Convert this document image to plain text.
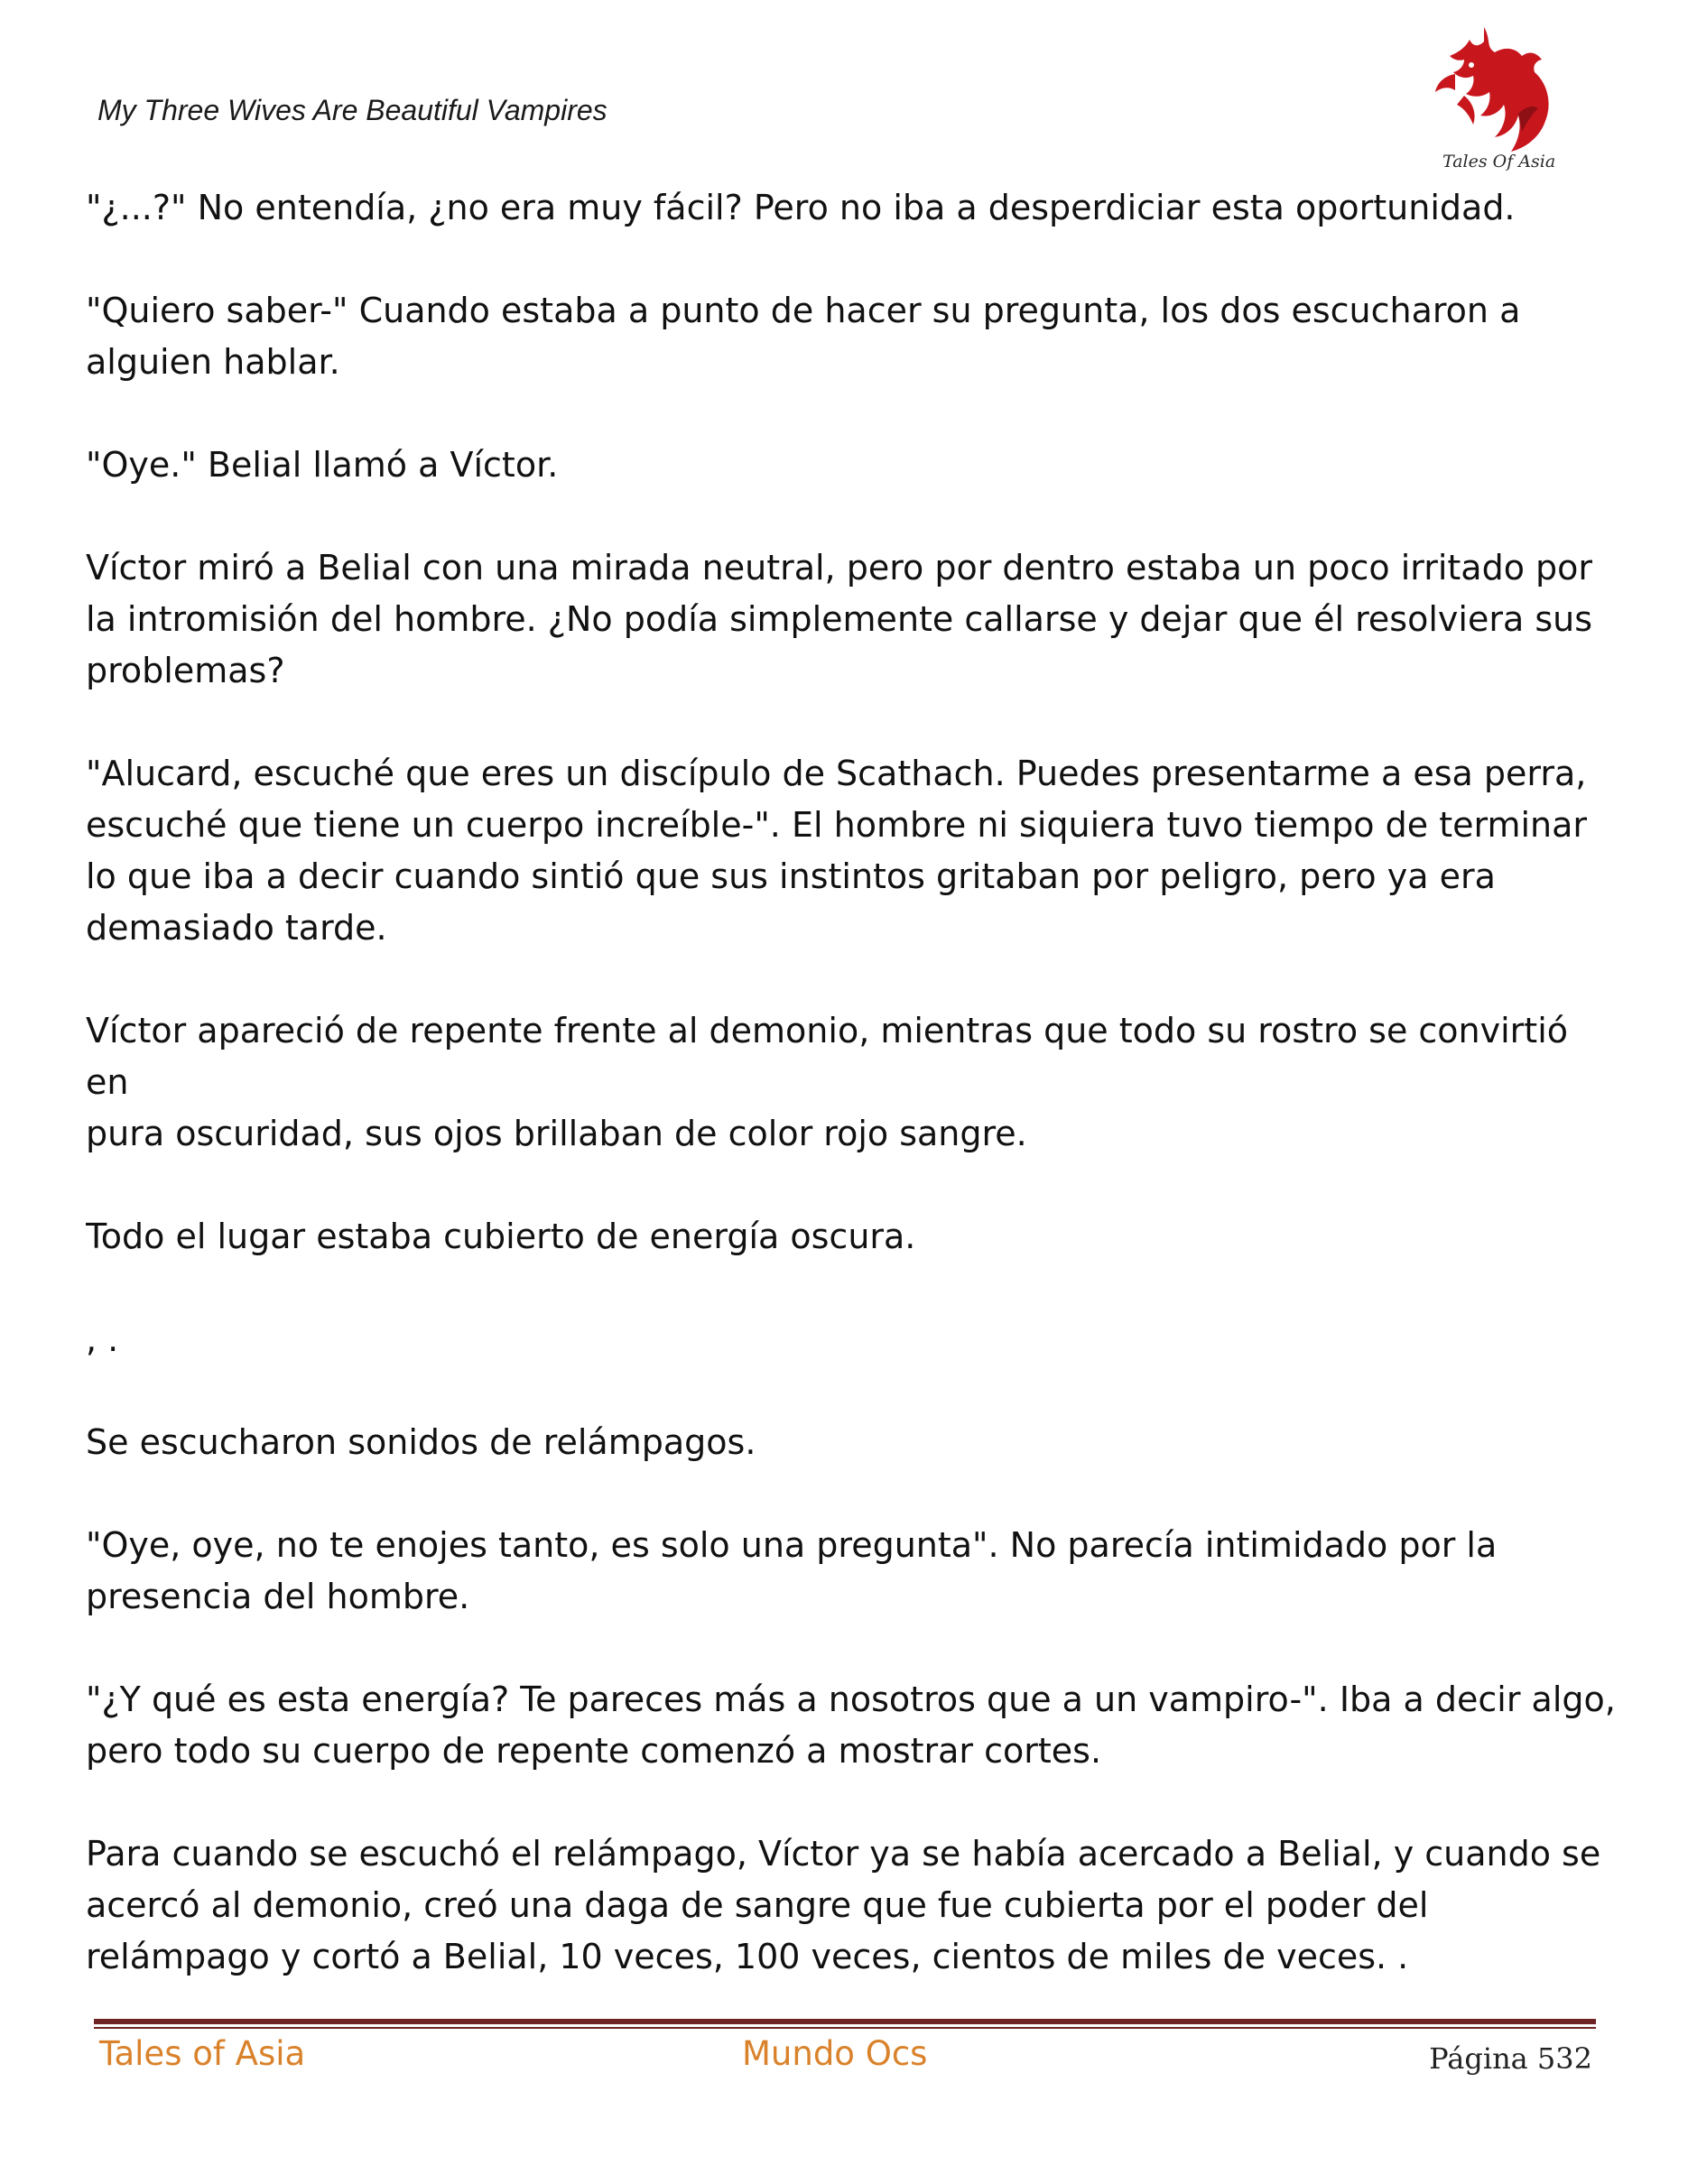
My Three Wives Are Beautiful Vampires
Tales Of Asia

"¿...?" No entendía, ¿no era muy fácil? Pero no iba a desperdiciar esta oportunidad.

"Quiero saber-" Cuando estaba a punto de hacer su pregunta, los dos escucharon a
alguien hablar.

"Oye." Belial llamó a Víctor.

Víctor miró a Belial con una mirada neutral, pero por dentro estaba un poco irritado por
la intromisión del hombre. ¿No podía simplemente callarse y dejar que él resolviera sus
problemas?

"Alucard, escuché que eres un discípulo de Scathach. Puedes presentarme a esa perra,
escuché que tiene un cuerpo increíble-". El hombre ni siquiera tuvo tiempo de terminar
lo que iba a decir cuando sintió que sus instintos gritaban por peligro, pero ya era
demasiado tarde.

Víctor apareció de repente frente al demonio, mientras que todo su rostro se convirtió en
pura oscuridad, sus ojos brillaban de color rojo sangre.

Todo el lugar estaba cubierto de energía oscura.

, .

Se escucharon sonidos de relámpagos.

"Oye, oye, no te enojes tanto, es solo una pregunta". No parecía intimidado por la
presencia del hombre.

"¿Y qué es esta energía? Te pareces más a nosotros que a un vampiro-". Iba a decir algo,
pero todo su cuerpo de repente comenzó a mostrar cortes.

Para cuando se escuchó el relámpago, Víctor ya se había acercado a Belial, y cuando se
acercó al demonio, creó una daga de sangre que fue cubierta por el poder del
relámpago y cortó a Belial, 10 veces, 100 veces, cientos de miles de veces. .

Tales of Asia	Mundo Ocs	Página 532
